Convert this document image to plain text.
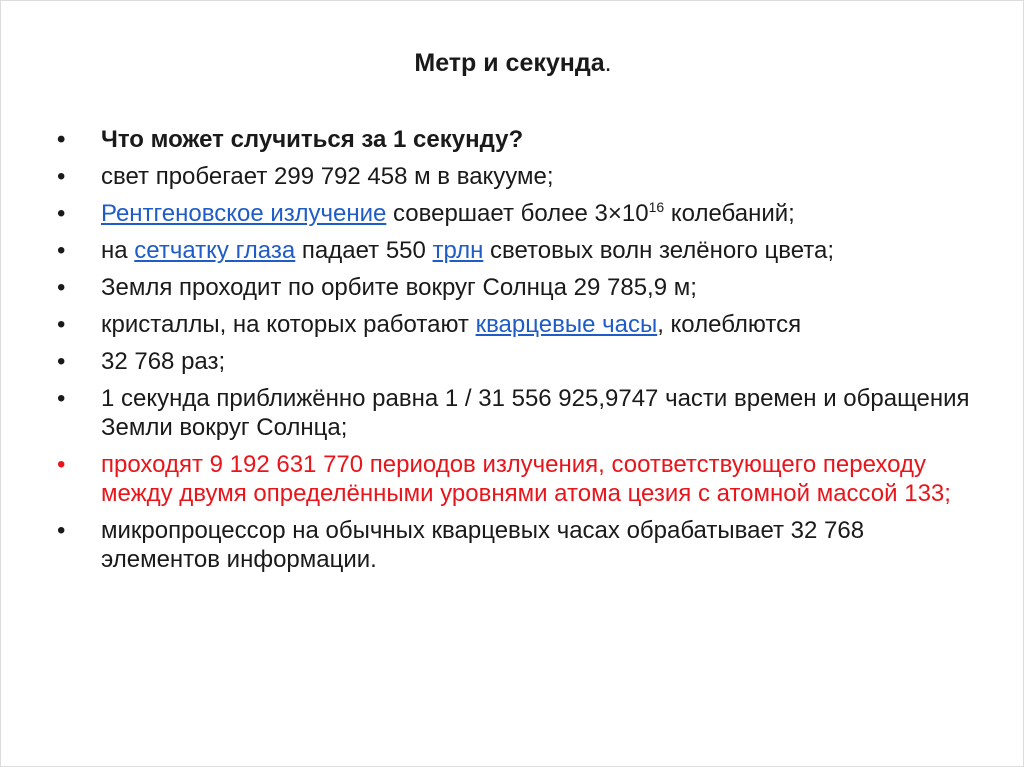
Метр и секунда.
•	Что может случиться за 1 секунду?
•	свет пробегает 299 792 458 м в вакууме;
•	Рентгеновское излучение совершает более $3\times 10^{16}$ колебаний;
•	на сетчатку глаза падает 550 трлн световых волн зелёного цвета;
•	Земля проходит по орбите вокруг Солнца 29 785,9 м;
•	кристаллы, на которых работают кварцевые часы, колеблются
•	32 768 раз;
•	1 секунда приближённо равна 1 / 31 556 925,9747 части времен и обращения Земли вокруг Солнца;
•	проходят 9 192 631 770 периодов излучения, соответствующего переходу между двумя определёнными уровнями атома цезия с атомной массой 133;
•	микропроцессор на обычных кварцевых часах обрабатывает 32 768 элементов информации.
